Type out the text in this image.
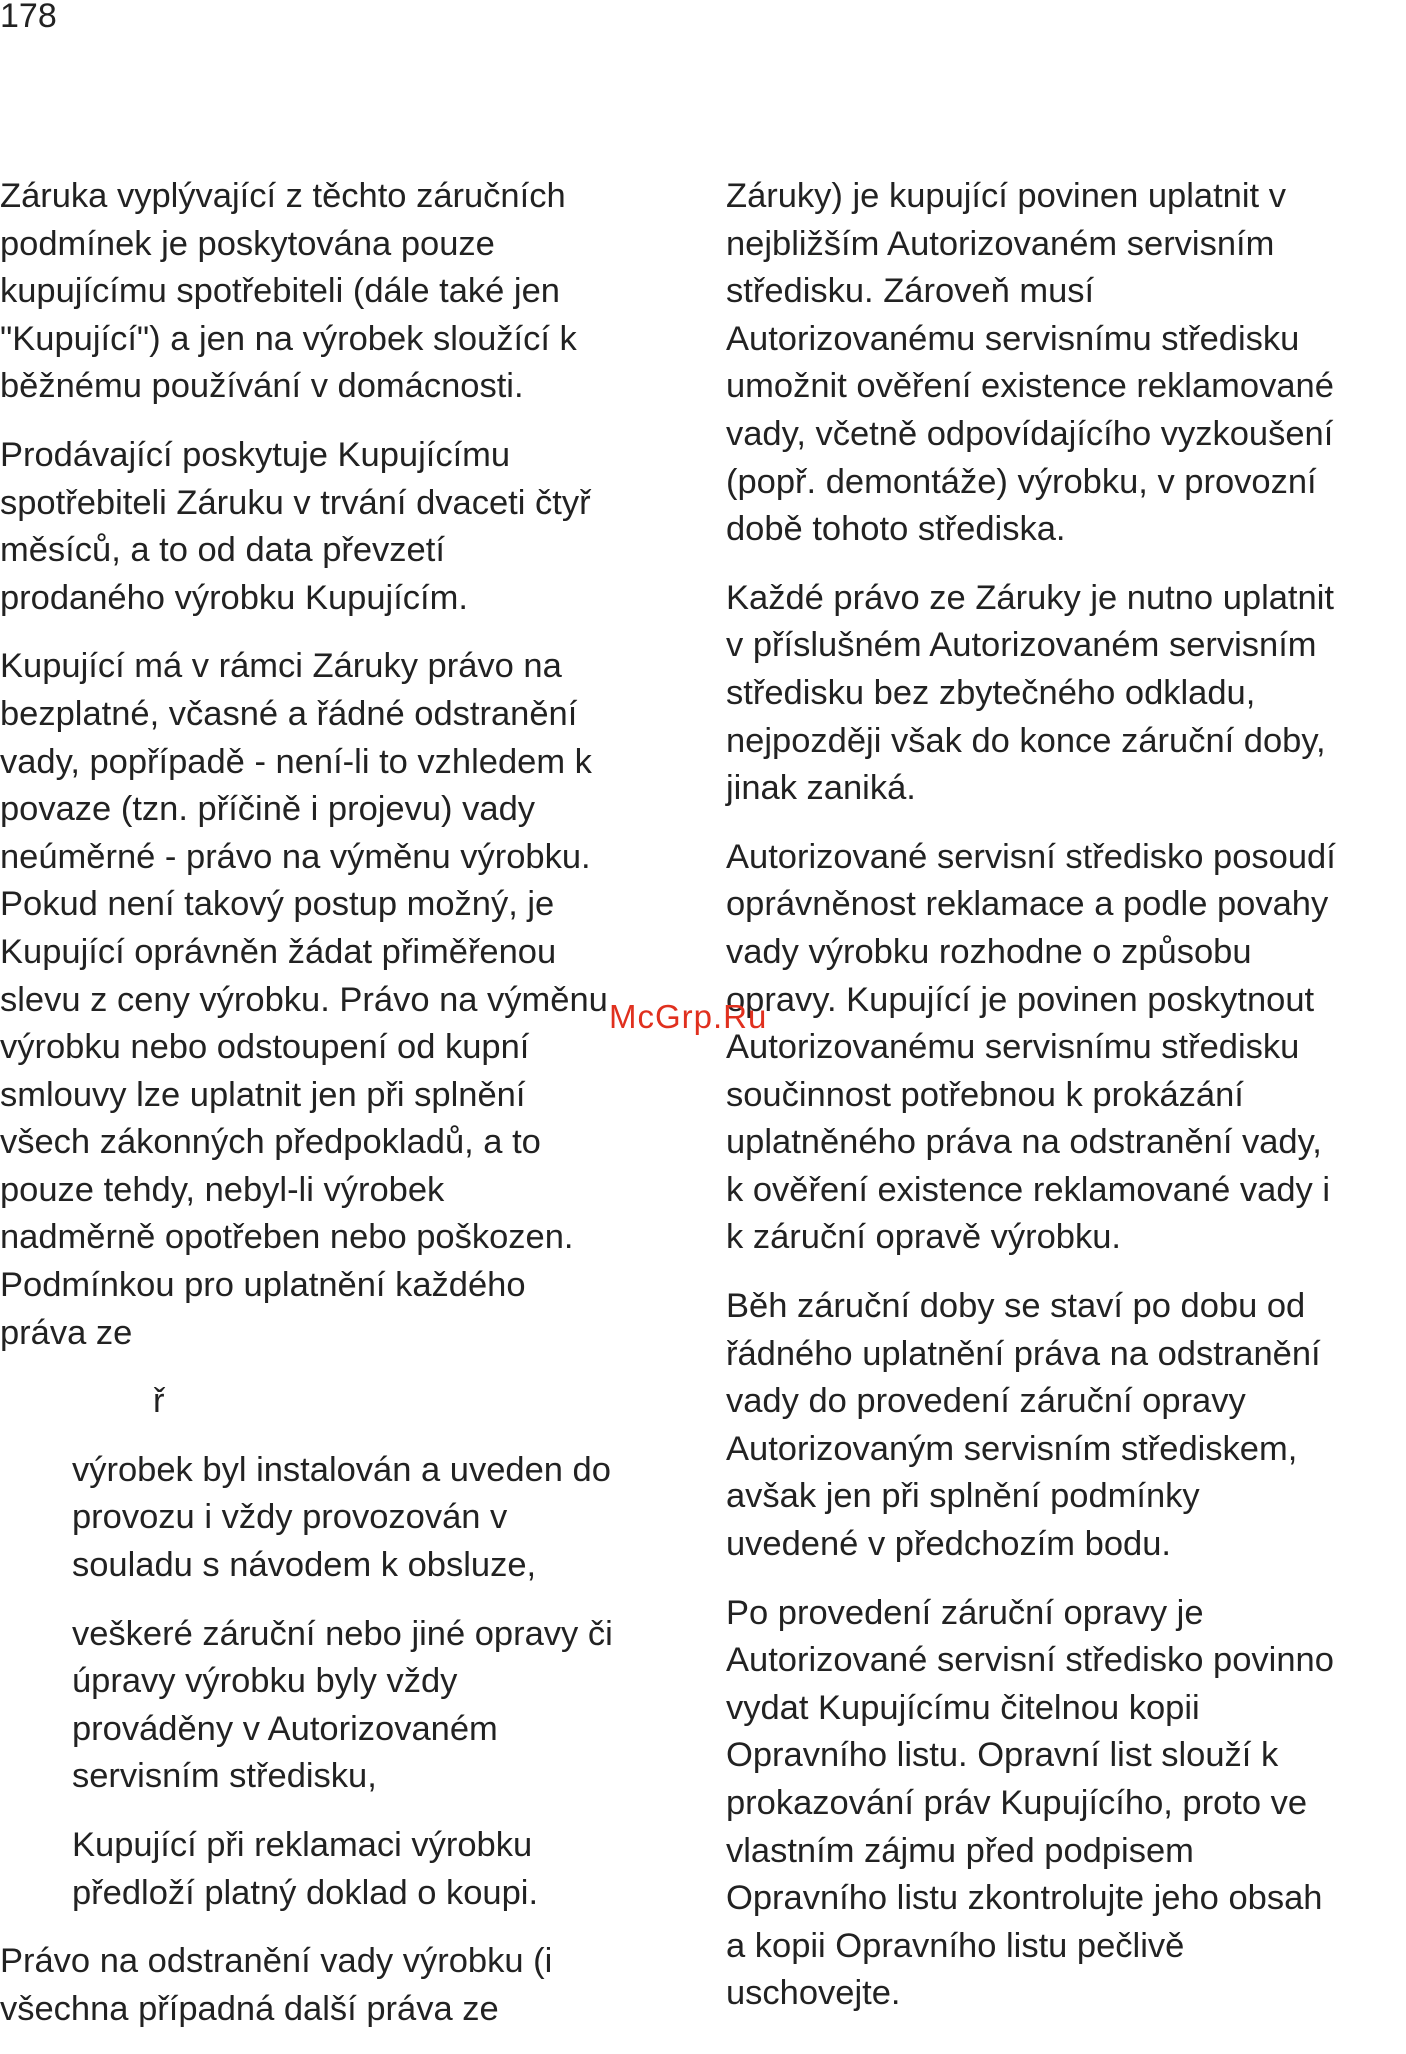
178

Záruka vyplývající z těchto záručních
podmínek je poskytována pouze
kupujícímu spotřebiteli (dále také jen
"Kupující") a jen na výrobek sloužící k
běžnému používání v domácnosti.

Prodávající poskytuje Kupujícímu
spotřebiteli Záruku v trvání dvaceti čtyř
měsíců, a to od data převzetí
prodaného výrobku Kupujícím.

Kupující má v rámci Záruky právo na
bezplatné, včasné a řádné odstranění
vady, popřípadě - není-li to vzhledem k
povaze (tzn. příčině i projevu) vady
neúměrné - právo na výměnu výrobku.
Pokud není takový postup možný, je
Kupující oprávněn žádat přiměřenou
slevu z ceny výrobku. Právo na výměnu
výrobku nebo odstoupení od kupní
smlouvy lze uplatnit jen při splnění
všech zákonných předpokladů, a to
pouze tehdy, nebyl-li výrobek
nadměrně opotřeben nebo poškozen.
Podmínkou pro uplatnění každého
práva ze

ř

výrobek byl instalován a uveden do
provozu i vždy provozován v
souladu s návodem k obsluze,

veškeré záruční nebo jiné opravy či
úpravy výrobku byly vždy
prováděny v Autorizovaném
servisním středisku,

Kupující při reklamaci výrobku
předloží platný doklad o koupi.

Právo na odstranění vady výrobku (i
všechna případná další práva ze

Záruky) je kupující povinen uplatnit v
nejbližším Autorizovaném servisním
středisku. Zároveň musí
Autorizovanému servisnímu středisku
umožnit ověření existence reklamované
vady, včetně odpovídajícího vyzkoušení
(popř. demontáže) výrobku, v provozní
době tohoto střediska.

Každé právo ze Záruky je nutno uplatnit
v příslušném Autorizovaném servisním
středisku bez zbytečného odkladu,
nejpozději však do konce záruční doby,
jinak zaniká.

Autorizované servisní středisko posoudí
oprávněnost reklamace a podle povahy
vady výrobku rozhodne o způsobu
opravy. Kupující je povinen poskytnout
Autorizovanému servisnímu středisku
součinnost potřebnou k prokázání
uplatněného práva na odstranění vady,
k ověření existence reklamované vady i
k záruční opravě výrobku.

Běh záruční doby se staví po dobu od
řádného uplatnění práva na odstranění
vady do provedení záruční opravy
Autorizovaným servisním střediskem,
avšak jen při splnění podmínky
uvedené v předchozím bodu.

Po provedení záruční opravy je
Autorizované servisní středisko povinno
vydat Kupujícímu čitelnou kopii
Opravního listu. Opravní list slouží k
prokazování práv Kupujícího, proto ve
vlastním zájmu před podpisem
Opravního listu zkontrolujte jeho obsah
a kopii Opravního listu pečlivě
uschovejte.

McGrp.Ru
